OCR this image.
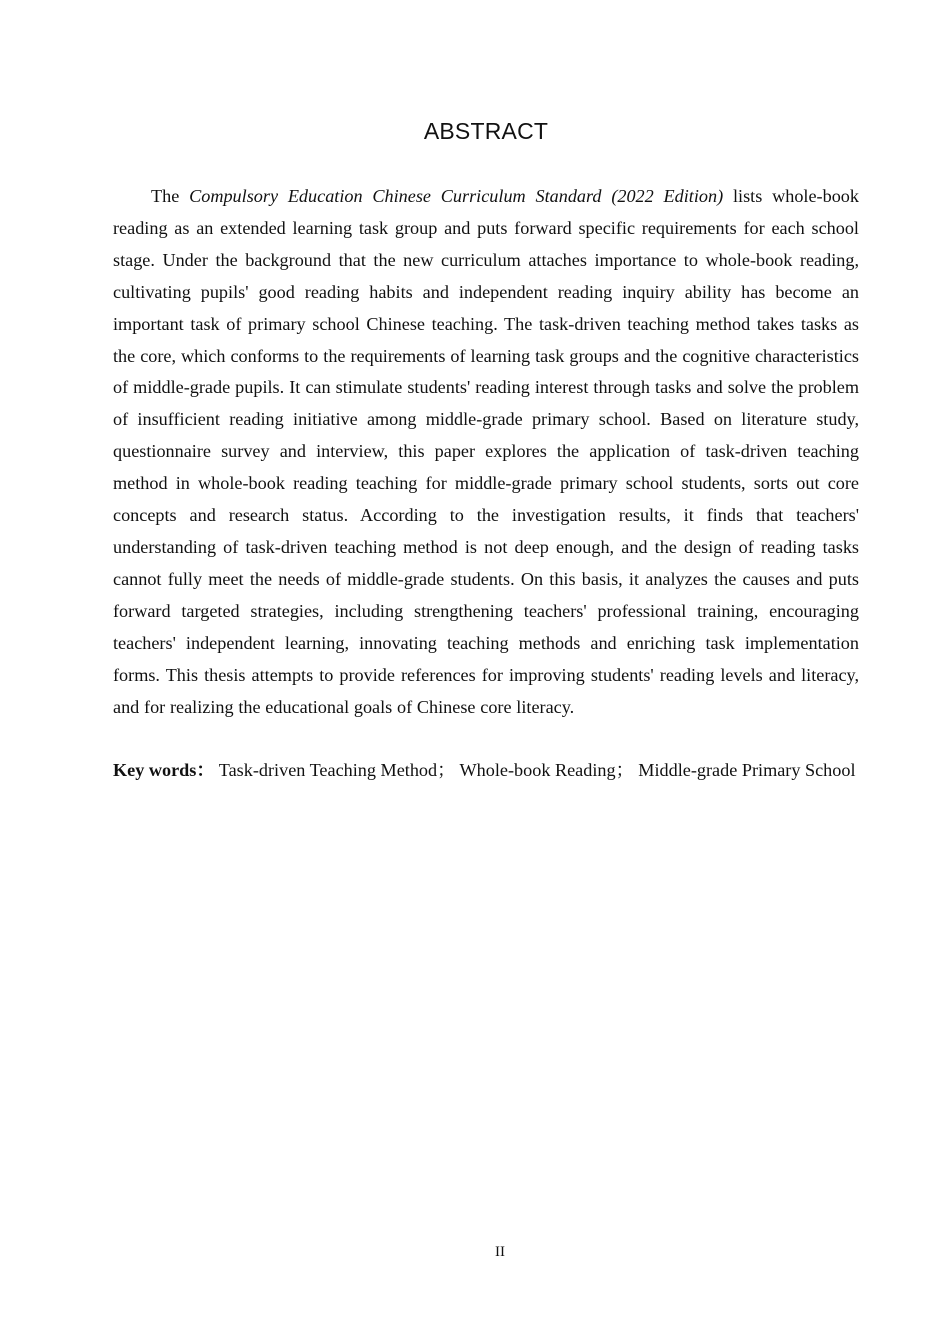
ABSTRACT

The Compulsory Education Chinese Curriculum Standard (2022 Edition) lists whole-book reading as an extended learning task group and puts forward specific requirements for each school stage. Under the background that the new curriculum attaches importance to whole-book reading, cultivating pupils' good reading habits and independent reading inquiry ability has become an important task of primary school Chinese teaching. The task-driven teaching method takes tasks as the core, which conforms to the requirements of learning task groups and the cognitive characteristics of middle-grade pupils. It can stimulate students' reading interest through tasks and solve the problem of insufficient reading initiative among middle-grade primary school. Based on literature study, questionnaire survey and interview, this paper explores the application of task-driven teaching method in whole-book reading teaching for middle-grade primary school students, sorts out core concepts and research status. According to the investigation results, it finds that teachers' understanding of task-driven teaching method is not deep enough, and the design of reading tasks cannot fully meet the needs of middle-grade students. On this basis, it analyzes the causes and puts forward targeted strategies, including strengthening teachers' professional training, encouraging teachers' independent learning, innovating teaching methods and enriching task implementation forms. This thesis attempts to provide references for improving students' reading levels and literacy, and for realizing the educational goals of Chinese core literacy.

Key words： Task-driven Teaching Method； Whole-book Reading； Middle-grade Primary School

II
